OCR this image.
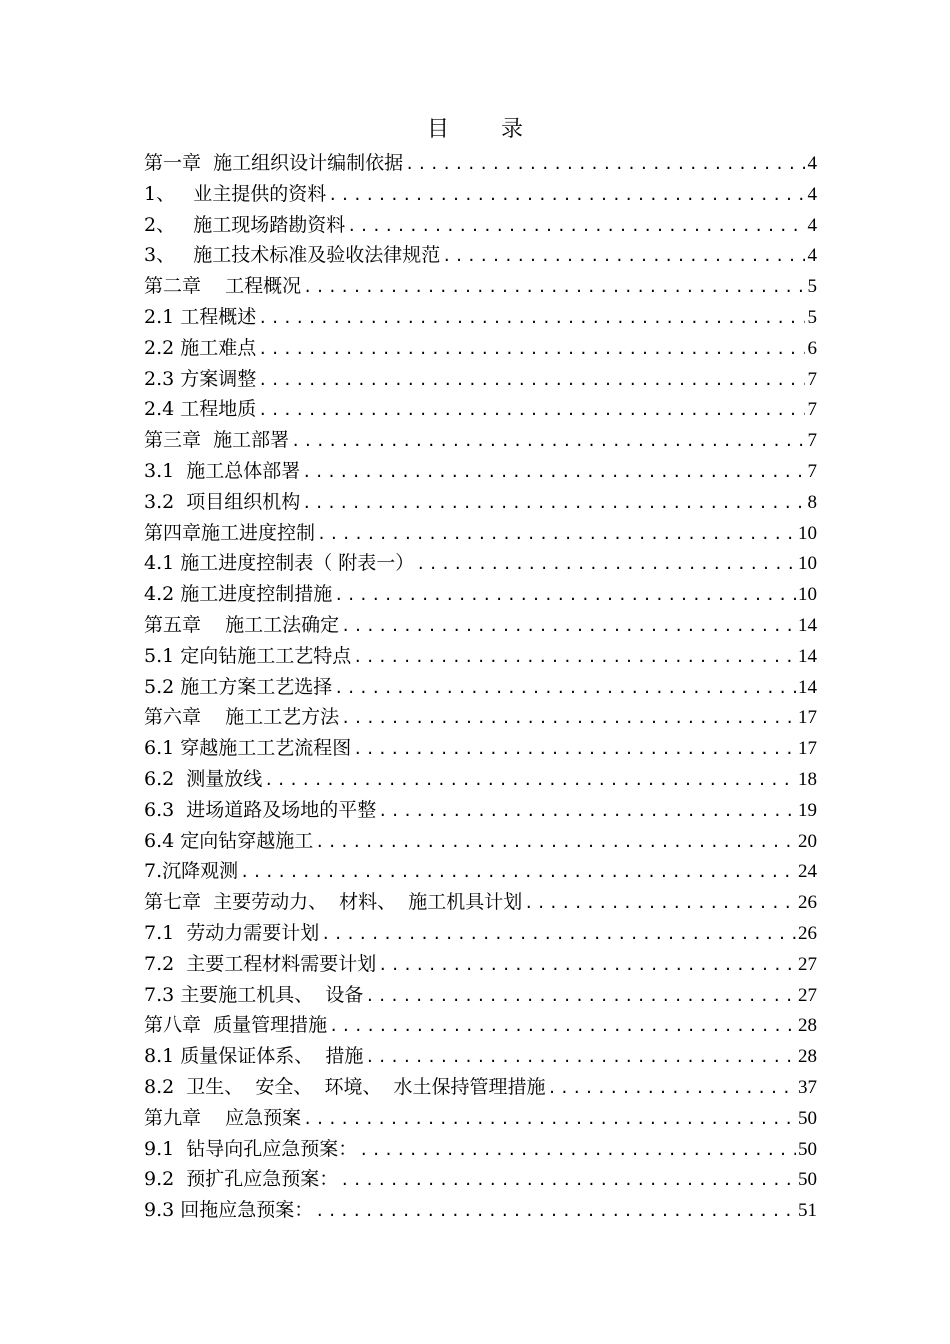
目 录
第一章  施工组织设计编制依据 .....	4
1、   业主提供的资料 .....	4
2、   施工现场踏勘资料 .....	4
3、   施工技术标准及验收法律规范 .....	4
第二章    工程概况 .....	5
2.1 工程概述 .....	5
2.2 施工难点 .....	6
2.3 方案调整 .....	7
2.4 工程地质 .....	7
第三章  施工部署 .....	7
3.1  施工总体部署 .....	7
3.2  项目组织机构 .....	8
第四章施工进度控制 .....	10
4.1 施工进度控制表（ 附表一） .....	10
4.2 施工进度控制措施 .....	10
第五章    施工工法确定 .....	14
5.1 定向钻施工工艺特点 .....	14
5.2 施工方案工艺选择 .....	14
第六章    施工工艺方法 .....	17
6.1 穿越施工工艺流程图 .....	17
6.2  测量放线 .....	18
6.3  进场道路及场地的平整 .....	19
6.4 定向钻穿越施工 .....	20
7.沉降观测 .....	24
第七章  主要劳动力、  材料、  施工机具计划 .....	26
7.1  劳动力需要计划 .....	26
7.2  主要工程材料需要计划 .....	27
7.3 主要施工机具、  设备 .....	27
第八章  质量管理措施 .....	28
8.1 质量保证体系、  措施 .....	28
8.2  卫生、  安全、  环境、  水土保持管理措施 .....	37
第九章    应急预案 .....	50
9.1  钻导向孔应急预案： .....	50
9.2  预扩孔应急预案： .....	50
9.3 回拖应急预案： .....	51
